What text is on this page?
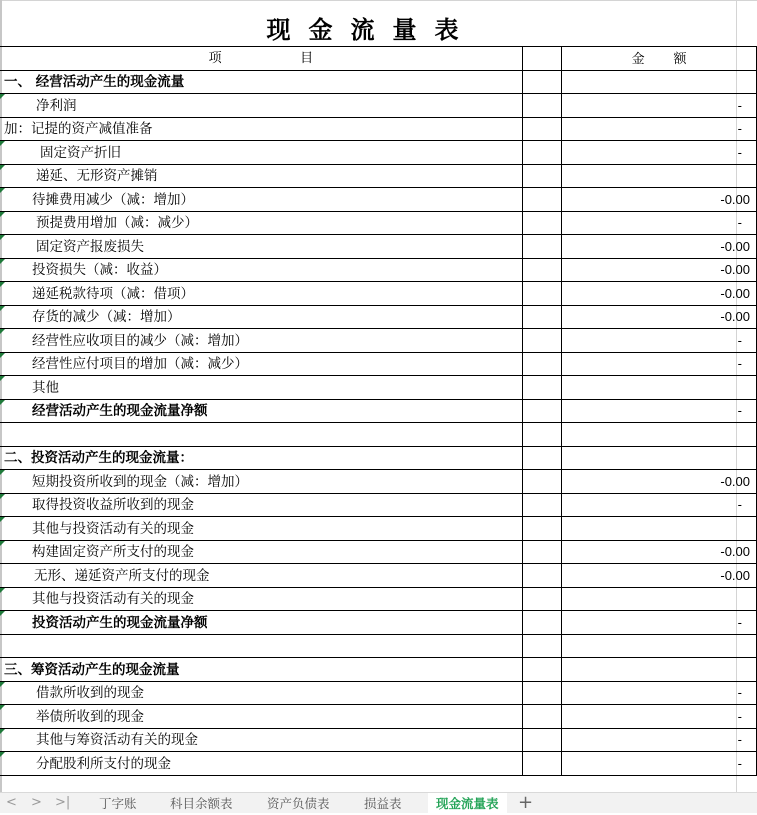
现金流量表
项                   目		金        额
一、 经营活动产生的现金流量		

净利润		-
加：记提的资产减值准备		-

固定资产折旧		-

递延、无形资产摊销		

待摊费用减少（减：增加）		-0.00

预提费用增加（减：减少）		-

固定资产报废损失		-0.00

投资损失（减：收益）		-0.00

递延税款待项（减：借项）		-0.00

存货的减少（减：增加）		-0.00

经营性应收项目的减少（减：增加）		-

经营性应付项目的增加（减：减少）		-

其他		

经营活动产生的现金流量净额		-

二、投资活动产生的现金流量：		

短期投资所收到的现金（减：增加）		-0.00

取得投资收益所收到的现金		-

其他与投资活动有关的现金		

构建固定资产所支付的现金		-0.00
无形、递延资产所支付的现金		-0.00

其他与投资活动有关的现金		

投资活动产生的现金流量净额		-

三、筹资活动产生的现金流量		

借款所收到的现金		-

举债所收到的现金		-

其他与筹资活动有关的现金		-

分配股利所支付的现金		-
< > >| 丁字账	科目余额表	资产负债表	损益表	现金流量表	+
